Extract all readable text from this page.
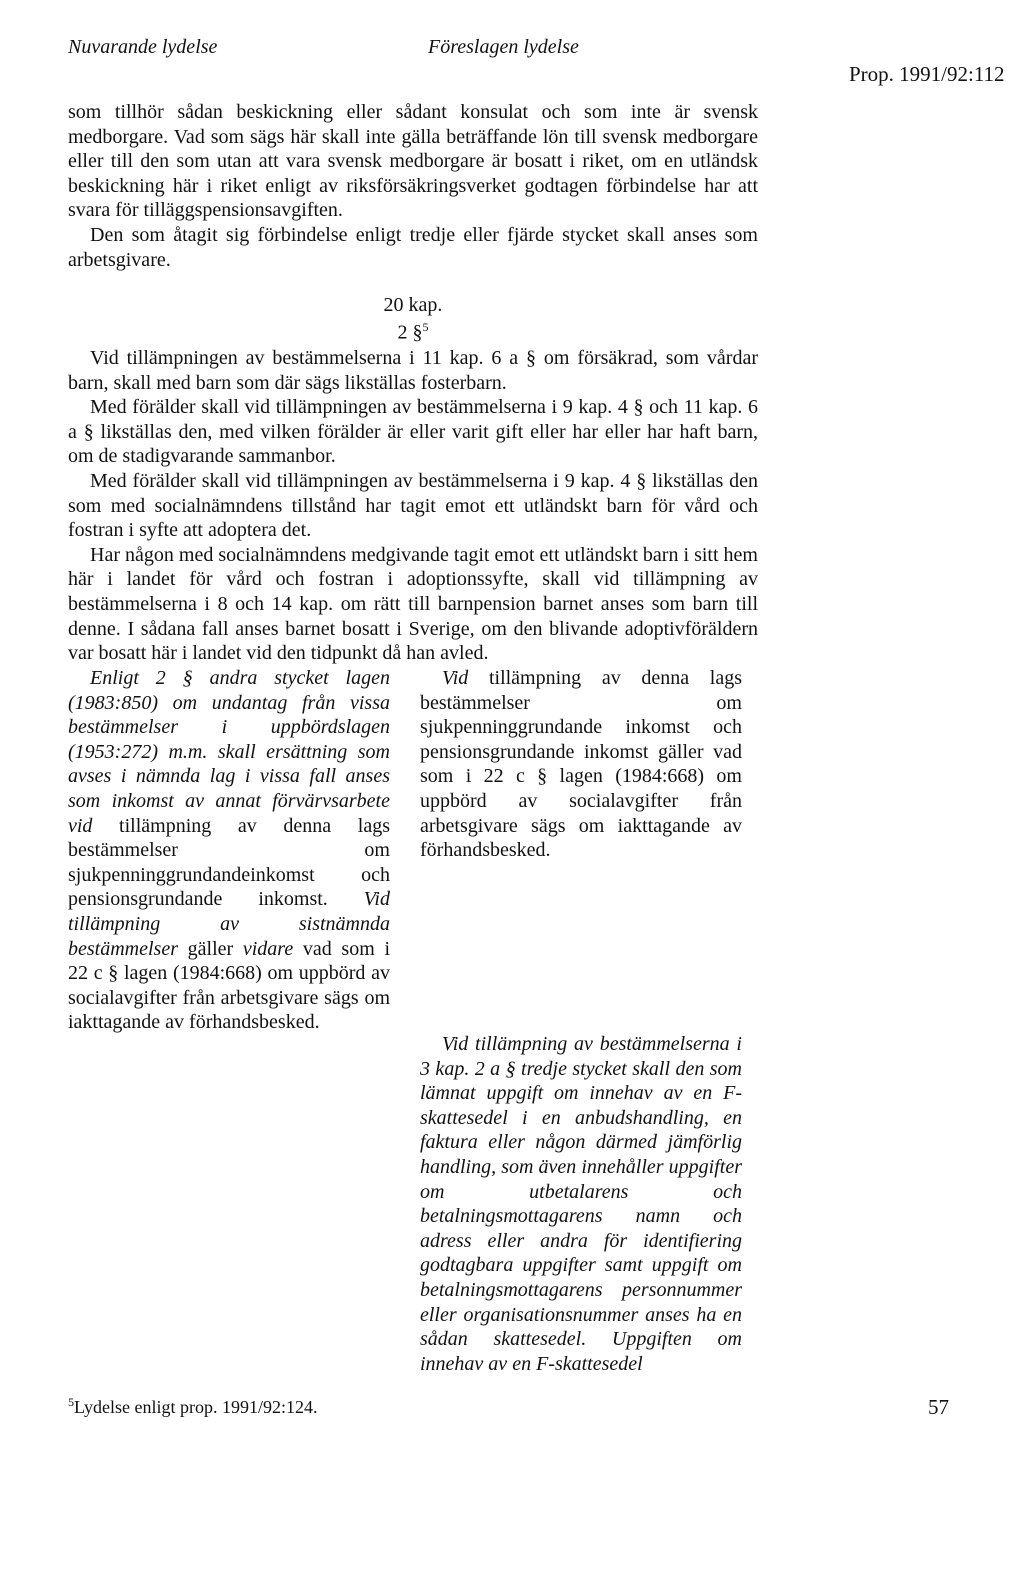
Nuvarande lydelse	Föreslagen lydelse
Prop. 1991/92:112

som tillhör sådan beskickning eller sådant konsulat och som inte är svensk medborgare. Vad som sägs här skall inte gälla beträffande lön till svensk medborgare eller till den som utan att vara svensk medborgare är bosatt i riket, om en utländsk beskickning här i riket enligt av riksförsäkringsverket godtagen förbindelse har att svara för tilläggspensionsavgiften.

Den som åtagit sig förbindelse enligt tredje eller fjärde stycket skall anses som arbetsgivare.

20 kap.
2 §$^5$

Vid tillämpningen av bestämmelserna i 11 kap. 6 a § om försäkrad, som vårdar barn, skall med barn som där sägs likställas fosterbarn.

Med förälder skall vid tillämpningen av bestämmelserna i 9 kap. 4 § och 11 kap. 6 a § likställas den, med vilken förälder är eller varit gift eller har eller har haft barn, om de stadigvarande sammanbor.

Med förälder skall vid tillämpningen av bestämmelserna i 9 kap. 4 § likställas den som med socialnämndens tillstånd har tagit emot ett utländskt barn för vård och fostran i syfte att adoptera det.

Har någon med socialnämndens medgivande tagit emot ett utländskt barn i sitt hem här i landet för vård och fostran i adoptionssyfte, skall vid tillämpning av bestämmelserna i 8 och 14 kap. om rätt till barnpension barnet anses som barn till denne. I sådana fall anses barnet bosatt i Sverige, om den blivande adoptivföräldern var bosatt här i landet vid den tidpunkt då han avled.

Enligt 2 § andra stycket lagen (1983:850) om undantag från vissa bestämmelser i uppbördslagen (1953:272) m.m. skall ersättning som avses i nämnda lag i vissa fall anses som inkomst av annat förvärvsarbete vid tillämpning av denna lags bestämmelser om sjukpenninggrundandeinkomst och pensionsgrundande inkomst. Vid tillämpning av sistnämnda bestämmelser gäller vidare vad som i 22 c § lagen (1984:668) om uppbörd av socialavgifter från arbetsgivare sägs om iakttagande av förhandsbesked.

Vid tillämpning av denna lags bestämmelser om sjukpenninggrundande inkomst och pensionsgrundande inkomst gäller vad som i 22 c § lagen (1984:668) om uppbörd av socialavgifter från arbetsgivare sägs om iakttagande av förhandsbesked.

Vid tillämpning av bestämmelserna i 3 kap. 2 a § tredje stycket skall den som lämnat uppgift om innehav av en F-skattesedel i en anbudshandling, en faktura eller någon därmed jämförlig handling, som även innehåller uppgifter om utbetalarens och betalningsmottagarens namn och adress eller andra för identifiering godtagbara uppgifter samt uppgift om betalningsmottagarens personnummer eller organisationsnummer anses ha en sådan skattesedel. Uppgiften om innehav av en F-skattesedel

$^5$Lydelse enligt prop. 1991/92:124.	57
